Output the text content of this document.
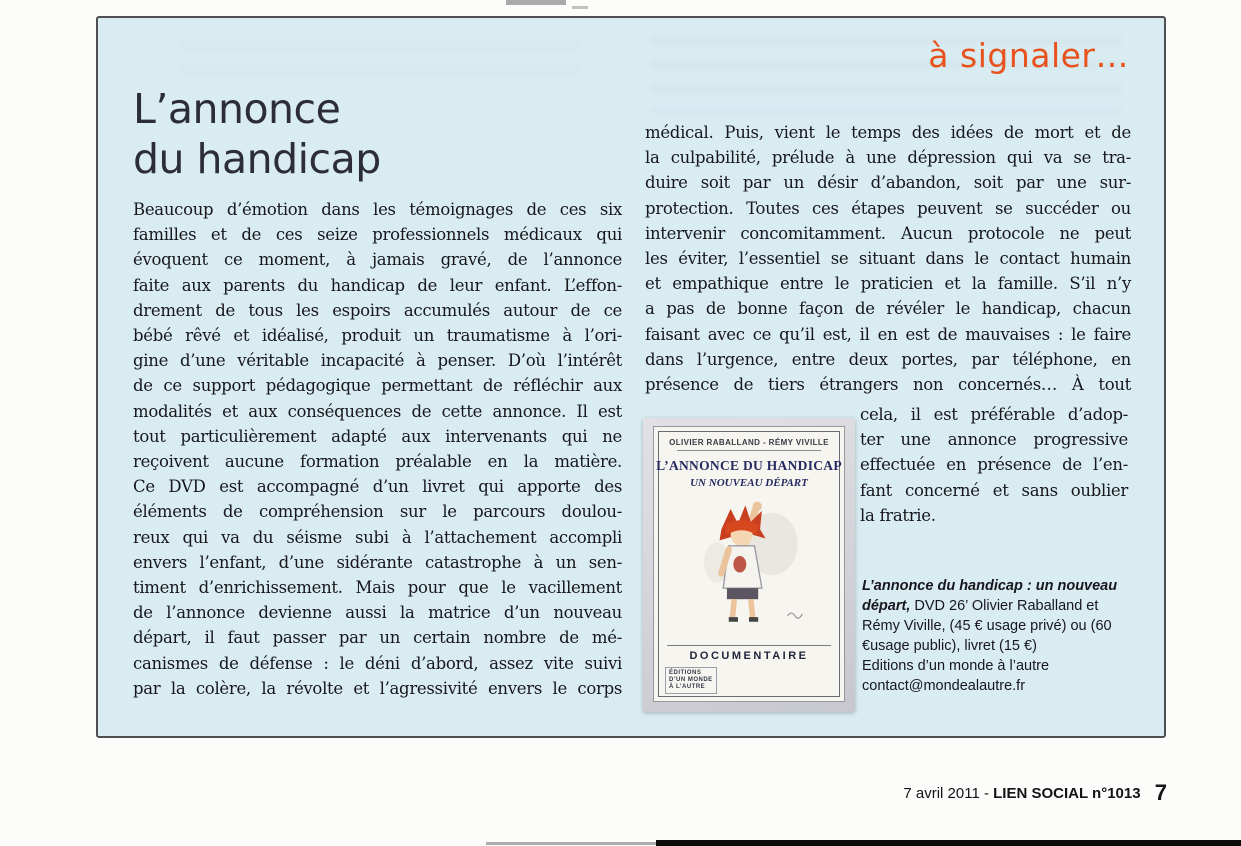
à signaler…
L’annonce
du handicap
Beaucoup d’émotion dans les témoignages de ces six
familles et de ces seize professionnels médicaux qui
évoquent ce moment, à jamais gravé, de l’annonce
faite aux parents du handicap de leur enfant. L’effon-
drement de tous les espoirs accumulés autour de ce
bébé rêvé et idéalisé, produit un traumatisme à l’ori-
gine d’une véritable incapacité à penser. D’où l’intérêt
de ce support pédagogique permettant de réfléchir aux
modalités et aux conséquences de cette annonce. Il est
tout particulièrement adapté aux intervenants qui ne
reçoivent aucune formation préalable en la matière.
Ce DVD est accompagné d’un livret qui apporte des
éléments de compréhension sur le parcours doulou-
reux qui va du séisme subi à l’attachement accompli
envers l’enfant, d’une sidérante catastrophe à un sen-
timent d’enrichissement. Mais pour que le vacillement
de l’annonce devienne aussi la matrice d’un nouveau
départ, il faut passer par un certain nombre de mé-
canismes de défense : le déni d’abord, assez vite suivi
par la colère, la révolte et l’agressivité envers le corps
médical. Puis, vient le temps des idées de mort et de
la culpabilité, prélude à une dépression qui va se tra-
duire soit par un désir d’abandon, soit par une sur-
protection. Toutes ces étapes peuvent se succéder ou
intervenir concomitamment. Aucun protocole ne peut
les éviter, l’essentiel se situant dans le contact humain
et empathique entre le praticien et la famille. S’il n’y
a pas de bonne façon de révéler le handicap, chacun
faisant avec ce qu’il est, il en est de mauvaises : le faire
dans l’urgence, entre deux portes, par téléphone, en
présence de tiers étrangers non concernés… À tout
cela, il est préférable d’adop-
ter une annonce progressive
effectuée en présence de l’en-
fant concerné et sans oublier
la fratrie.
OLIVIER RABALLAND - RÉMY VIVILLE
L’ANNONCE DU HANDICAP
UN NOUVEAU DÉPART
DOCUMENTAIRE
ÉDITIONS
D’UN MONDE
À L’AUTRE
L’annonce du handicap : un nouveau départ, DVD 26’ Olivier Raballand et Rémy Viville, (45 € usage privé) ou (60 €usage public), livret (15 €)
Editions d’un monde à l’autre
contact@mondealautre.fr
7 avril 2011 - LIEN SOCIAL n°1013 7
